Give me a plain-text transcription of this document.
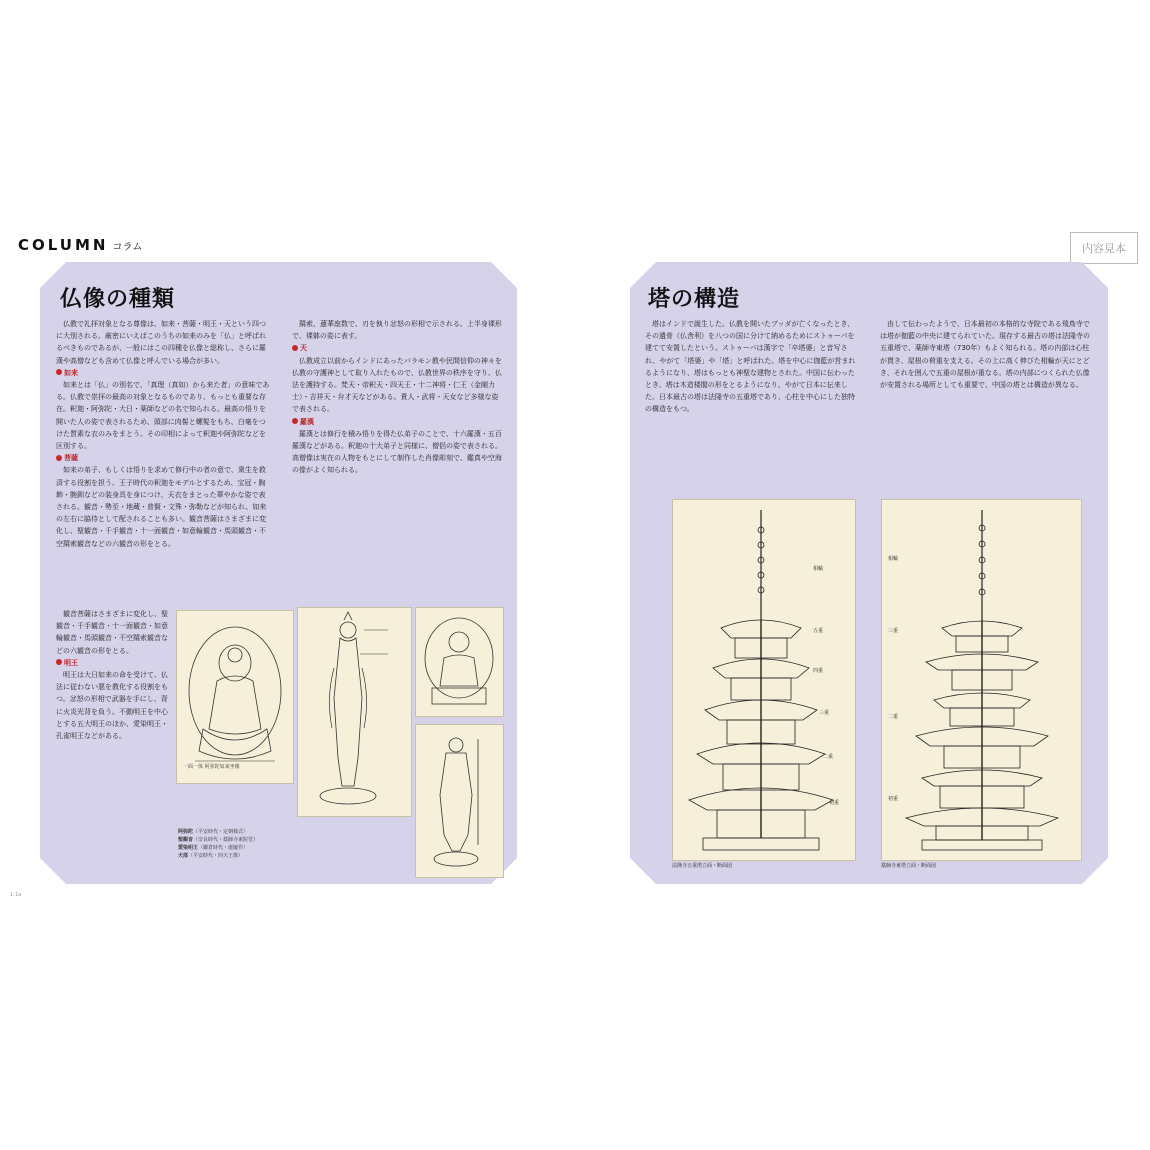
COLUMN コラム	内容見本
仏像の種類

仏教で礼拝対象となる尊像は、如来・菩薩・明王・天という四つに大別される。厳密にいえばこのうちの如来のみを「仏」と呼ばれるべきものであるが、一般にはこの四種を仏像と総称し、さらに羅漢や高僧なども含めて仏像と呼んでいる場合が多い。

如来

如来とは「仏」の別名で、「真理（真如）から来た者」の意味である。仏教で崇拝の最高の対象となるものであり、もっとも重要な存在。釈迦・阿弥陀・大日・薬師などの名で知られる。最高の悟りを開いた人の姿で表されるため、頭部に肉髻と螺髪をもち、白毫をつけた質素な衣のみをまとう。その印相によって釈迦や阿弥陀などを区別する。

菩薩

如来の弟子、もしくは悟りを求めて修行中の者の意で、衆生を救済する役割を担う。王子時代の釈迦をモデルとするため、宝冠・胸飾・腕釧などの装身具を身につけ、天衣をまとった華やかな姿で表される。観音・勢至・地蔵・普賢・文殊・弥勒などが知られ、如来の左右に脇侍として配されることも多い。観音菩薩はさまざまに変化し、聖観音・千手観音・十一面観音・如意輪観音・馬頭観音・不空羂索観音などの六観音の形をとる。

観音菩薩はさまざまに変化し、聖観音・千手観音・十一面観音・如意輪観音・馬頭観音・不空羂索観音などの六観音の形をとる。

明王

明王は大日如来の命を受けて、仏法に従わない悪を教化する役割をもつ。忿怒の形相で武器を手にし、背に火炎光背を負う。不動明王を中心とする五大明王のほか、愛染明王・孔雀明王などがある。

羂索、蓮華座数で、刃を執り忿怒の形相で示される。上半身裸形で、裸躰の姿に表す。

天

仏教成立以前からインドにあったバラモン教や民間信仰の神々を仏教の守護神として取り入れたもので、仏教世界の秩序を守り、仏法を護持する。梵天・帝釈天・四天王・十二神将・仁王（金剛力士）・吉祥天・弁才天などがある。貴人・武将・天女など多様な姿で表される。

羅漢

羅漢とは修行を積み悟りを得た仏弟子のことで、十六羅漢・五百羅漢などがある。釈迦の十大弟子と同様に、僧侶の姿で表される。高僧像は実在の人物をもとにして制作した肖像彫刻で、鑑真や空海の像がよく知られる。

一面一体 阿弥陀如来坐像
阿弥陀（平安時代・定朝様式）
聖観音（奈良時代・薬師寺東院堂）
愛染明王（鎌倉時代・運慶作）
天部（平安時代・四天王像）
1-1a
塔の構造

塔はインドで誕生した。仏教を開いたブッダが亡くなったとき、その遺骨（仏舎利）を八つの国に分けて納めるためにストゥーパを建てて安置したという。ストゥーパは漢字で「卒塔婆」と音写され、やがて「塔婆」や「塔」と呼ばれた。塔を中心に伽藍が営まれるようになり、塔はもっとも神聖な建物とされた。中国に伝わったとき、塔は木造楼閣の形をとるようになり、やがて日本に伝来した。日本最古の塔は法隆寺の五重塔であり、心柱を中心にした独特の構造をもつ。

由して伝わったようで、日本最初の本格的な寺院である飛鳥寺では塔が伽藍の中央に建てられていた。現存する最古の塔は法隆寺の五重塔で、薬師寺東塔（730年）もよく知られる。塔の内部は心柱が貫き、屋根の荷重を支える。その上に高く伸びた相輪が天にとどき、それを囲んで五重の屋根が重なる。塔の内部につくられた仏像が安置される場所としても重要で、中国の塔とは構造が異なる。

相輪
五重
四重
三重
二重
初重
法隆寺五重塔立面・断面図
相輪
三重
二重
初重
薬師寺東塔立面・断面図
